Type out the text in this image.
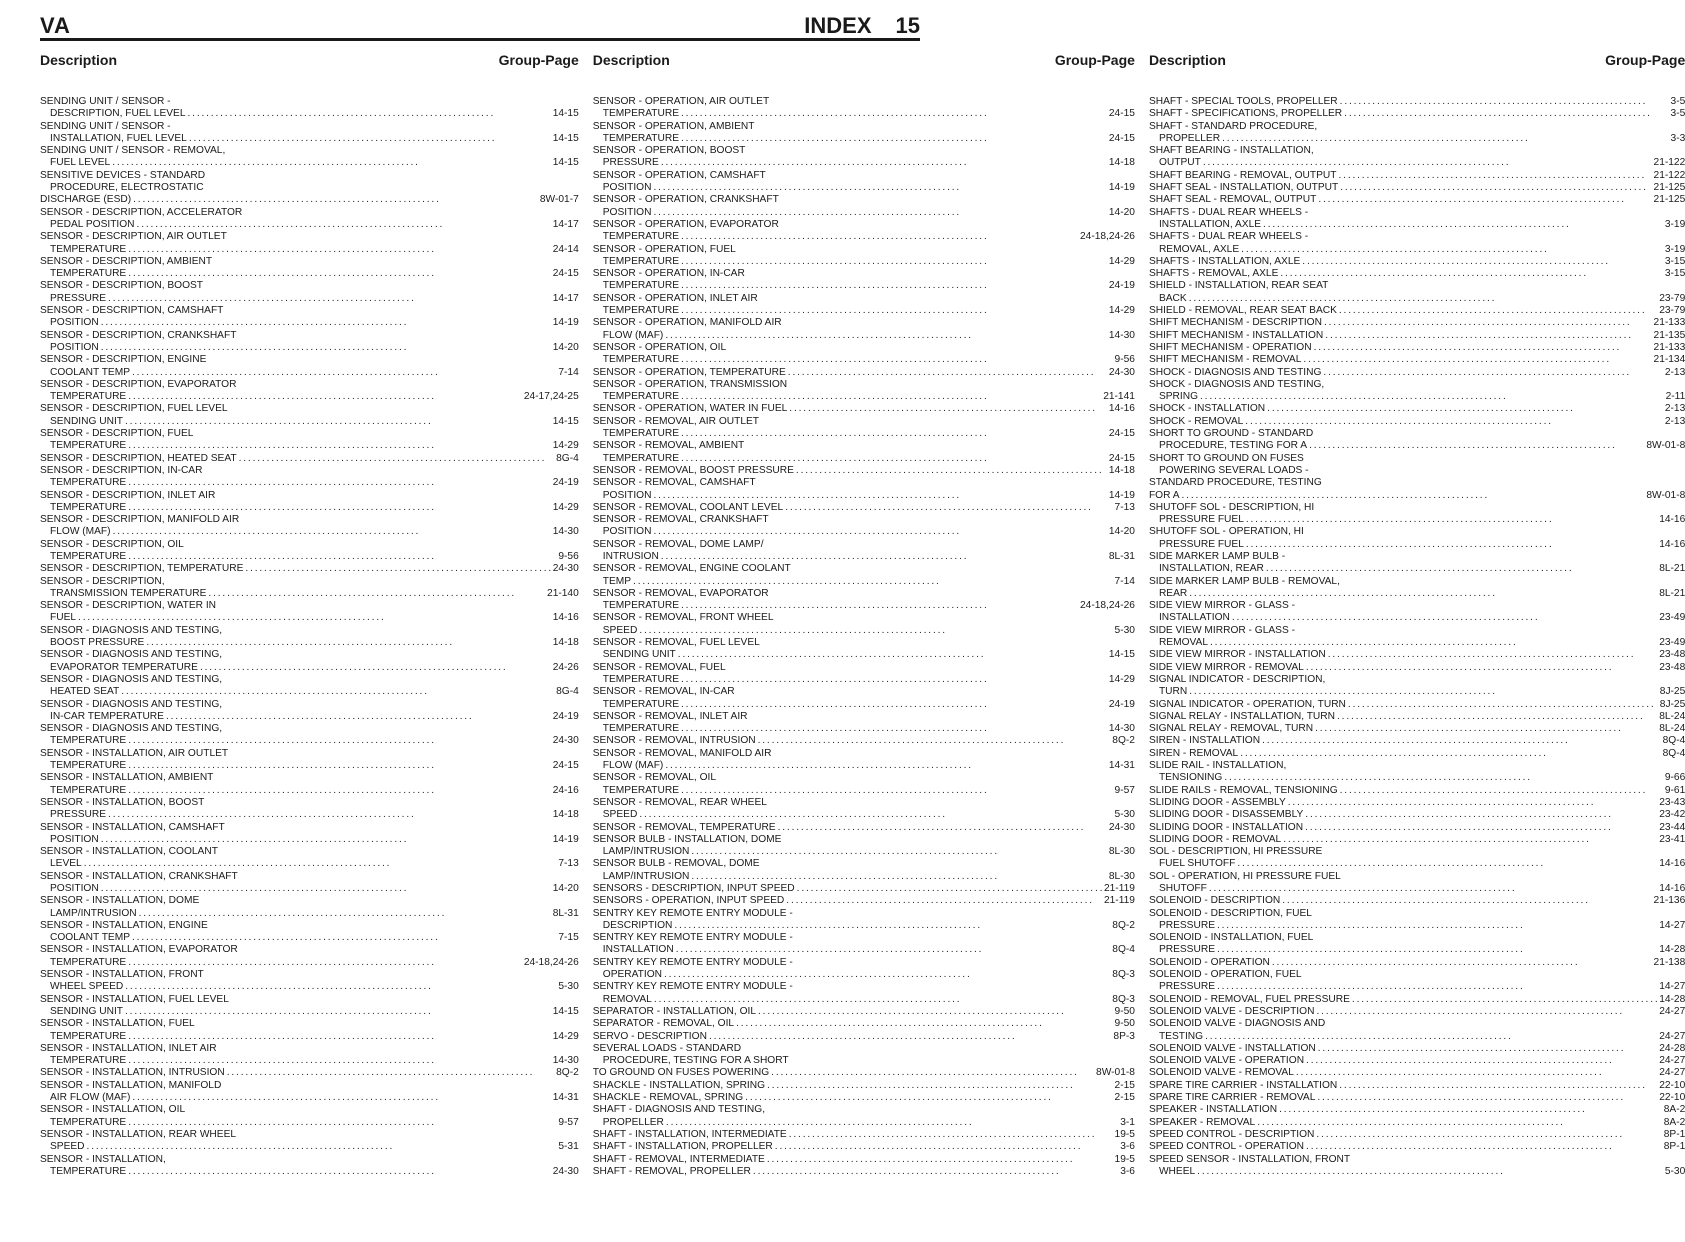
VA	INDEX 15
Description	Group-Page
SENDING UNIT / SENSOR -
DESCRIPTION, FUEL LEVEL . . .	14-15
SENDING UNIT / SENSOR -
INSTALLATION, FUEL LEVEL . . .	14-15
SENDING UNIT / SENSOR - REMOVAL,
FUEL LEVEL . . .	14-15
SENSITIVE DEVICES - STANDARD
PROCEDURE, ELECTROSTATIC
DISCHARGE (ESD) . . .	8W-01-7
SENSOR - DESCRIPTION, ACCELERATOR
PEDAL POSITION . . .	14-17
SENSOR - DESCRIPTION, AIR OUTLET
TEMPERATURE . . .	24-14
SENSOR - DESCRIPTION, AMBIENT
TEMPERATURE . . .	24-15
SENSOR - DESCRIPTION, BOOST
PRESSURE . . .	14-17
SENSOR - DESCRIPTION, CAMSHAFT
POSITION . . .	14-19
SENSOR - DESCRIPTION, CRANKSHAFT
POSITION . . .	14-20
SENSOR - DESCRIPTION, ENGINE
COOLANT TEMP . . .	7-14
SENSOR - DESCRIPTION, EVAPORATOR
TEMPERATURE . . .	24-17,24-25
SENSOR - DESCRIPTION, FUEL LEVEL
SENDING UNIT . . .	14-15
SENSOR - DESCRIPTION, FUEL
TEMPERATURE . . .	14-29
SENSOR - DESCRIPTION, HEATED SEAT . . .	8G-4
SENSOR - DESCRIPTION, IN-CAR
TEMPERATURE . . .	24-19
SENSOR - DESCRIPTION, INLET AIR
TEMPERATURE . . .	14-29
SENSOR - DESCRIPTION, MANIFOLD AIR
FLOW (MAF) . . .	14-30
SENSOR - DESCRIPTION, OIL
TEMPERATURE . . .	9-56
SENSOR - DESCRIPTION, TEMPERATURE . . .	24-30
SENSOR - DESCRIPTION,
TRANSMISSION TEMPERATURE . . .	21-140
SENSOR - DESCRIPTION, WATER IN
FUEL . . .	14-16
SENSOR - DIAGNOSIS AND TESTING,
BOOST PRESSURE . . .	14-18
SENSOR - DIAGNOSIS AND TESTING,
EVAPORATOR TEMPERATURE . . .	24-26
SENSOR - DIAGNOSIS AND TESTING,
HEATED SEAT . . .	8G-4
SENSOR - DIAGNOSIS AND TESTING,
IN-CAR TEMPERATURE . . .	24-19
SENSOR - DIAGNOSIS AND TESTING,
TEMPERATURE . . .	24-30
SENSOR - INSTALLATION, AIR OUTLET
TEMPERATURE . . .	24-15
SENSOR - INSTALLATION, AMBIENT
TEMPERATURE . . .	24-16
SENSOR - INSTALLATION, BOOST
PRESSURE . . .	14-18
SENSOR - INSTALLATION, CAMSHAFT
POSITION . . .	14-19
SENSOR - INSTALLATION, COOLANT
LEVEL . . .	7-13
SENSOR - INSTALLATION, CRANKSHAFT
POSITION . . .	14-20
SENSOR - INSTALLATION, DOME
LAMP/INTRUSION . . .	8L-31
SENSOR - INSTALLATION, ENGINE
COOLANT TEMP . . .	7-15
SENSOR - INSTALLATION, EVAPORATOR
TEMPERATURE . . .	24-18,24-26
SENSOR - INSTALLATION, FRONT
WHEEL SPEED . . .	5-30
SENSOR - INSTALLATION, FUEL LEVEL
SENDING UNIT . . .	14-15
SENSOR - INSTALLATION, FUEL
TEMPERATURE . . .	14-29
SENSOR - INSTALLATION, INLET AIR
TEMPERATURE . . .	14-30
SENSOR - INSTALLATION, INTRUSION . . .	8Q-2
SENSOR - INSTALLATION, MANIFOLD
AIR FLOW (MAF) . . .	14-31
SENSOR - INSTALLATION, OIL
TEMPERATURE . . .	9-57
SENSOR - INSTALLATION, REAR WHEEL
SPEED . . .	5-31
SENSOR - INSTALLATION,
TEMPERATURE . . .	24-30
Description	Group-Page
SENSOR - OPERATION, AIR OUTLET
TEMPERATURE . . .	24-15
SENSOR - OPERATION, AMBIENT
TEMPERATURE . . .	24-15
SENSOR - OPERATION, BOOST
PRESSURE . . .	14-18
SENSOR - OPERATION, CAMSHAFT
POSITION . . .	14-19
SENSOR - OPERATION, CRANKSHAFT
POSITION . . .	14-20
SENSOR - OPERATION, EVAPORATOR
TEMPERATURE . . .	24-18,24-26
SENSOR - OPERATION, FUEL
TEMPERATURE . . .	14-29
SENSOR - OPERATION, IN-CAR
TEMPERATURE . . .	24-19
SENSOR - OPERATION, INLET AIR
TEMPERATURE . . .	14-29
SENSOR - OPERATION, MANIFOLD AIR
FLOW (MAF) . . .	14-30
SENSOR - OPERATION, OIL
TEMPERATURE . . .	9-56
SENSOR - OPERATION, TEMPERATURE . . .	24-30
SENSOR - OPERATION, TRANSMISSION
TEMPERATURE . . .	21-141
SENSOR - OPERATION, WATER IN FUEL . . .	14-16
SENSOR - REMOVAL, AIR OUTLET
TEMPERATURE . . .	24-15
SENSOR - REMOVAL, AMBIENT
TEMPERATURE . . .	24-15
SENSOR - REMOVAL, BOOST PRESSURE . . .	14-18
SENSOR - REMOVAL, CAMSHAFT
POSITION . . .	14-19
SENSOR - REMOVAL, COOLANT LEVEL . . .	7-13
SENSOR - REMOVAL, CRANKSHAFT
POSITION . . .	14-20
SENSOR - REMOVAL, DOME LAMP/
INTRUSION . . .	8L-31
SENSOR - REMOVAL, ENGINE COOLANT
TEMP . . .	7-14
SENSOR - REMOVAL, EVAPORATOR
TEMPERATURE . . .	24-18,24-26
SENSOR - REMOVAL, FRONT WHEEL
SPEED . . .	5-30
SENSOR - REMOVAL, FUEL LEVEL
SENDING UNIT . . .	14-15
SENSOR - REMOVAL, FUEL
TEMPERATURE . . .	14-29
SENSOR - REMOVAL, IN-CAR
TEMPERATURE . . .	24-19
SENSOR - REMOVAL, INLET AIR
TEMPERATURE . . .	14-30
SENSOR - REMOVAL, INTRUSION . . .	8Q-2
SENSOR - REMOVAL, MANIFOLD AIR
FLOW (MAF) . . .	14-31
SENSOR - REMOVAL, OIL
TEMPERATURE . . .	9-57
SENSOR - REMOVAL, REAR WHEEL
SPEED . . .	5-30
SENSOR - REMOVAL, TEMPERATURE . . .	24-30
SENSOR BULB - INSTALLATION, DOME
LAMP/INTRUSION . . .	8L-30
SENSOR BULB - REMOVAL, DOME
LAMP/INTRUSION . . .	8L-30
SENSORS - DESCRIPTION, INPUT SPEED . . .	21-119
SENSORS - OPERATION, INPUT SPEED . . .	21-119
SENTRY KEY REMOTE ENTRY MODULE -
DESCRIPTION . . .	8Q-2
SENTRY KEY REMOTE ENTRY MODULE -
INSTALLATION . . .	8Q-4
SENTRY KEY REMOTE ENTRY MODULE -
OPERATION . . .	8Q-3
SENTRY KEY REMOTE ENTRY MODULE -
REMOVAL . . .	8Q-3
SEPARATOR - INSTALLATION, OIL . . .	9-50
SEPARATOR - REMOVAL, OIL . . .	9-50
SERVO - DESCRIPTION . . .	8P-3
SEVERAL LOADS - STANDARD
PROCEDURE, TESTING FOR A SHORT
TO GROUND ON FUSES POWERING . . .	8W-01-8
SHACKLE - INSTALLATION, SPRING . . .	2-15
SHACKLE - REMOVAL, SPRING . . .	2-15
SHAFT - DIAGNOSIS AND TESTING,
PROPELLER . . .	3-1
SHAFT - INSTALLATION, INTERMEDIATE . . .	19-5
SHAFT - INSTALLATION, PROPELLER . . .	3-6
SHAFT - REMOVAL, INTERMEDIATE . . .	19-5
SHAFT - REMOVAL, PROPELLER . . .	3-6
Description	Group-Page
SHAFT - SPECIAL TOOLS, PROPELLER . . .	3-5
SHAFT - SPECIFICATIONS, PROPELLER . . .	3-5
SHAFT - STANDARD PROCEDURE,
PROPELLER . . .	3-3
SHAFT BEARING - INSTALLATION,
OUTPUT . . .	21-122
SHAFT BEARING - REMOVAL, OUTPUT . . .	21-122
SHAFT SEAL - INSTALLATION, OUTPUT . . .	21-125
SHAFT SEAL - REMOVAL, OUTPUT . . .	21-125
SHAFTS - DUAL REAR WHEELS -
INSTALLATION, AXLE . . .	3-19
SHAFTS - DUAL REAR WHEELS -
REMOVAL, AXLE . . .	3-19
SHAFTS - INSTALLATION, AXLE . . .	3-15
SHAFTS - REMOVAL, AXLE . . .	3-15
SHIELD - INSTALLATION, REAR SEAT
BACK . . .	23-79
SHIELD - REMOVAL, REAR SEAT BACK . . .	23-79
SHIFT MECHANISM - DESCRIPTION . . .	21-133
SHIFT MECHANISM - INSTALLATION . . .	21-135
SHIFT MECHANISM - OPERATION . . .	21-133
SHIFT MECHANISM - REMOVAL . . .	21-134
SHOCK - DIAGNOSIS AND TESTING . . .	2-13
SHOCK - DIAGNOSIS AND TESTING,
SPRING . . .	2-11
SHOCK - INSTALLATION . . .	2-13
SHOCK - REMOVAL . . .	2-13
SHORT TO GROUND - STANDARD
PROCEDURE, TESTING FOR A . . .	8W-01-8
SHORT TO GROUND ON FUSES
POWERING SEVERAL LOADS -
STANDARD PROCEDURE, TESTING
FOR A . . .	8W-01-8
SHUTOFF SOL - DESCRIPTION, HI
PRESSURE FUEL . . .	14-16
SHUTOFF SOL - OPERATION, HI
PRESSURE FUEL . . .	14-16
SIDE MARKER LAMP BULB -
INSTALLATION, REAR . . .	8L-21
SIDE MARKER LAMP BULB - REMOVAL,
REAR . . .	8L-21
SIDE VIEW MIRROR - GLASS -
INSTALLATION . . .	23-49
SIDE VIEW MIRROR - GLASS -
REMOVAL . . .	23-49
SIDE VIEW MIRROR - INSTALLATION . . .	23-48
SIDE VIEW MIRROR - REMOVAL . . .	23-48
SIGNAL INDICATOR - DESCRIPTION,
TURN . . .	8J-25
SIGNAL INDICATOR - OPERATION, TURN . . .	8J-25
SIGNAL RELAY - INSTALLATION, TURN . . .	8L-24
SIGNAL RELAY - REMOVAL, TURN . . .	8L-24
SIREN - INSTALLATION . . .	8Q-4
SIREN - REMOVAL . . .	8Q-4
SLIDE RAIL - INSTALLATION,
TENSIONING . . .	9-66
SLIDE RAILS - REMOVAL, TENSIONING . . .	9-61
SLIDING DOOR - ASSEMBLY . . .	23-43
SLIDING DOOR - DISASSEMBLY . . .	23-42
SLIDING DOOR - INSTALLATION . . .	23-44
SLIDING DOOR - REMOVAL . . .	23-41
SOL - DESCRIPTION, HI PRESSURE
FUEL SHUTOFF . . .	14-16
SOL - OPERATION, HI PRESSURE FUEL
SHUTOFF . . .	14-16
SOLENOID - DESCRIPTION . . .	21-136
SOLENOID - DESCRIPTION, FUEL
PRESSURE . . .	14-27
SOLENOID - INSTALLATION, FUEL
PRESSURE . . .	14-28
SOLENOID - OPERATION . . .	21-138
SOLENOID - OPERATION, FUEL
PRESSURE . . .	14-27
SOLENOID - REMOVAL, FUEL PRESSURE . . .	14-28
SOLENOID VALVE - DESCRIPTION . . .	24-27
SOLENOID VALVE - DIAGNOSIS AND
TESTING . . .	24-27
SOLENOID VALVE - INSTALLATION . . .	24-28
SOLENOID VALVE - OPERATION . . .	24-27
SOLENOID VALVE - REMOVAL . . .	24-27
SPARE TIRE CARRIER - INSTALLATION . . .	22-10
SPARE TIRE CARRIER - REMOVAL . . .	22-10
SPEAKER - INSTALLATION . . .	8A-2
SPEAKER - REMOVAL . . .	8A-2
SPEED CONTROL - DESCRIPTION . . .	8P-1
SPEED CONTROL - OPERATION . . .	8P-1
SPEED SENSOR - INSTALLATION, FRONT
WHEEL . . .	5-30
